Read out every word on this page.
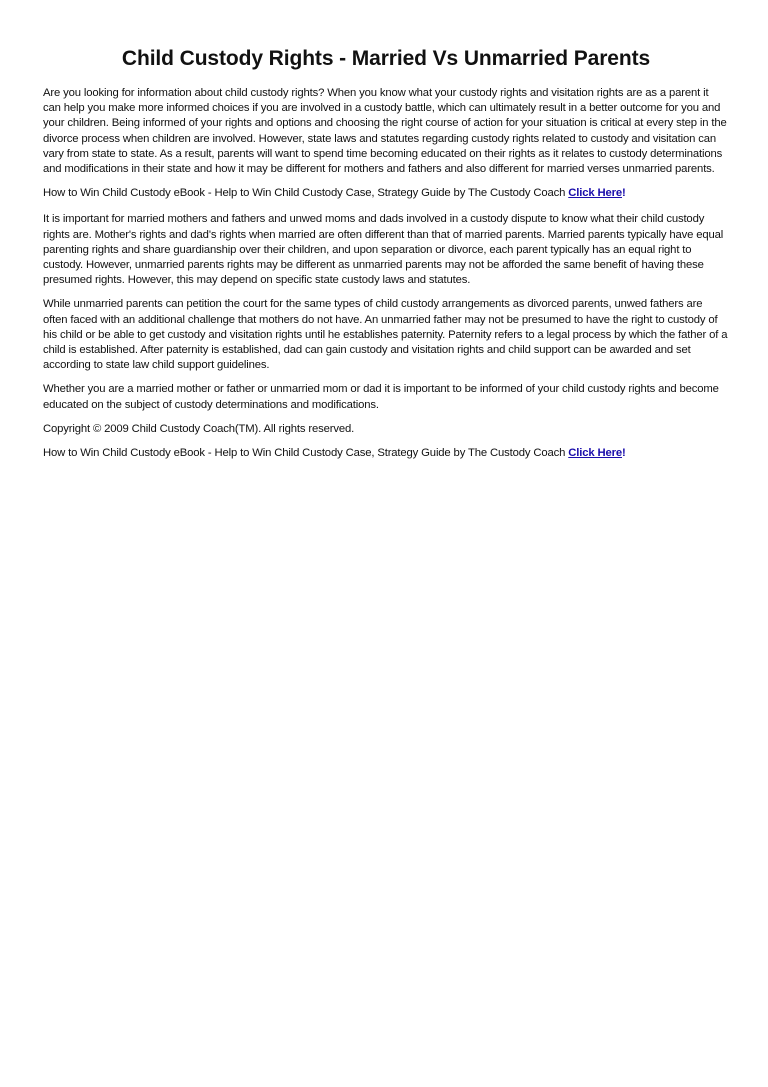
Child Custody Rights - Married Vs Unmarried Parents

Are you looking for information about child custody rights? When you know what your custody rights and visitation rights are as a parent it can help you make more informed choices if you are involved in a custody battle, which can ultimately result in a better outcome for you and your children. Being informed of your rights and options and choosing the right course of action for your situation is critical at every step in the divorce process when children are involved. However, state laws and statutes regarding custody rights related to custody and visitation can vary from state to state. As a result, parents will want to spend time becoming educated on their rights as it relates to custody determinations and modifications in their state and how it may be different for mothers and fathers and also different for married verses unmarried parents.

How to Win Child Custody eBook - Help to Win Child Custody Case, Strategy Guide by The Custody Coach Click Here!

It is important for married mothers and fathers and unwed moms and dads involved in a custody dispute to know what their child custody rights are. Mother's rights and dad's rights when married are often different than that of married parents. Married parents typically have equal parenting rights and share guardianship over their children, and upon separation or divorce, each parent typically has an equal right to custody. However, unmarried parents rights may be different as unmarried parents may not be afforded the same benefit of having these presumed rights. However, this may depend on specific state custody laws and statutes.

While unmarried parents can petition the court for the same types of child custody arrangements as divorced parents, unwed fathers are often faced with an additional challenge that mothers do not have. An unmarried father may not be presumed to have the right to custody of his child or be able to get custody and visitation rights until he establishes paternity. Paternity refers to a legal process by which the father of a child is established. After paternity is established, dad can gain custody and visitation rights and child support can be awarded and set according to state law child support guidelines.

Whether you are a married mother or father or unmarried mom or dad it is important to be informed of your child custody rights and become educated on the subject of custody determinations and modifications.

Copyright © 2009 Child Custody Coach(TM). All rights reserved.

How to Win Child Custody eBook - Help to Win Child Custody Case, Strategy Guide by The Custody Coach Click Here!
